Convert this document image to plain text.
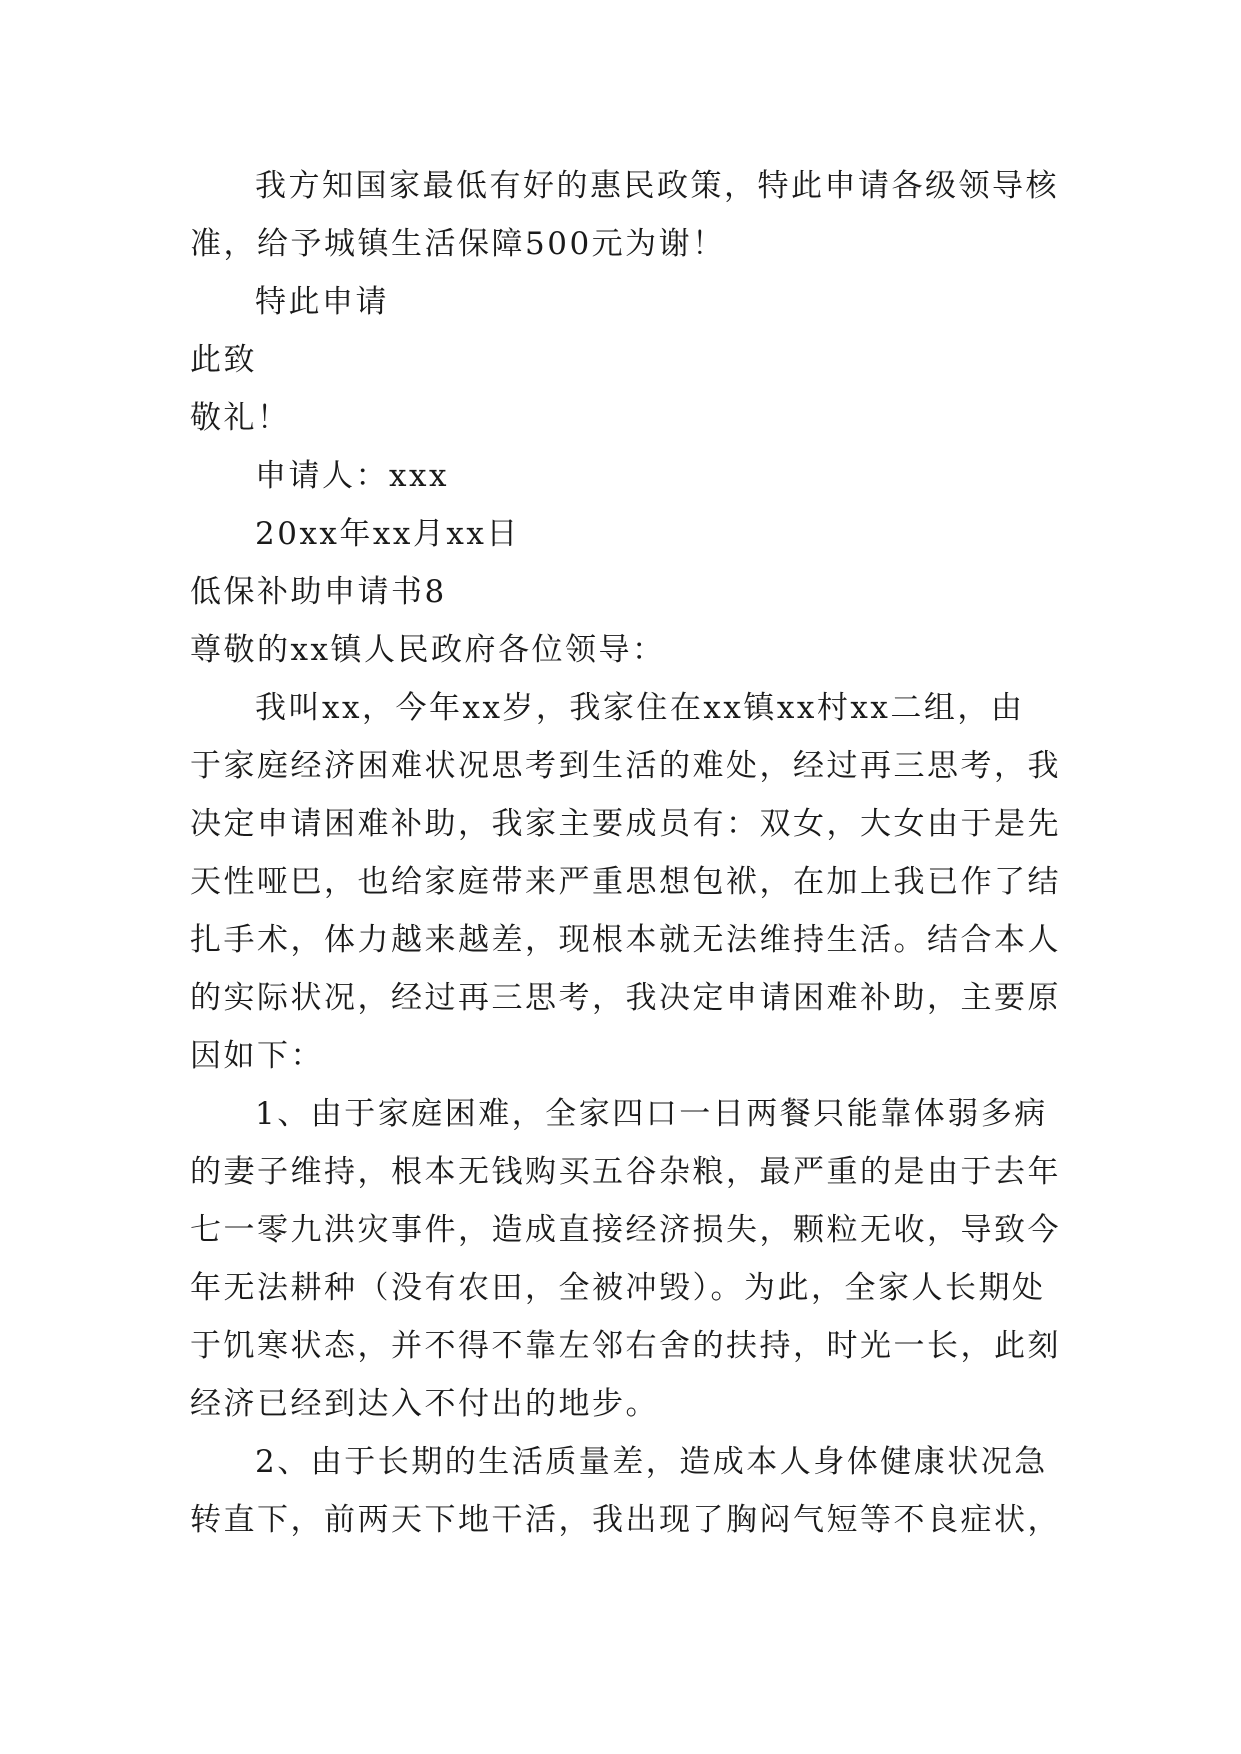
我方知国家最低有好的惠民政策，特此申请各级领导核
准，给予城镇生活保障500元为谢！
特此申请
此致
敬礼！
申请人：xxx
20xx年xx月xx日
低保补助申请书8
尊敬的xx镇人民政府各位领导：
我叫xx，今年xx岁，我家住在xx镇xx村xx二组，由
于家庭经济困难状况思考到生活的难处，经过再三思考，我
决定申请困难补助，我家主要成员有：双女，大女由于是先
天性哑巴，也给家庭带来严重思想包袱，在加上我已作了结
扎手术，体力越来越差，现根本就无法维持生活。结合本人
的实际状况，经过再三思考，我决定申请困难补助，主要原
因如下：
1、由于家庭困难，全家四口一日两餐只能靠体弱多病
的妻子维持，根本无钱购买五谷杂粮，最严重的是由于去年
七一零九洪灾事件，造成直接经济损失，颗粒无收，导致今
年无法耕种（没有农田，全被冲毁）。为此，全家人长期处
于饥寒状态，并不得不靠左邻右舍的扶持，时光一长，此刻
经济已经到达入不付出的地步。
2、由于长期的生活质量差，造成本人身体健康状况急
转直下，前两天下地干活，我出现了胸闷气短等不良症状，
